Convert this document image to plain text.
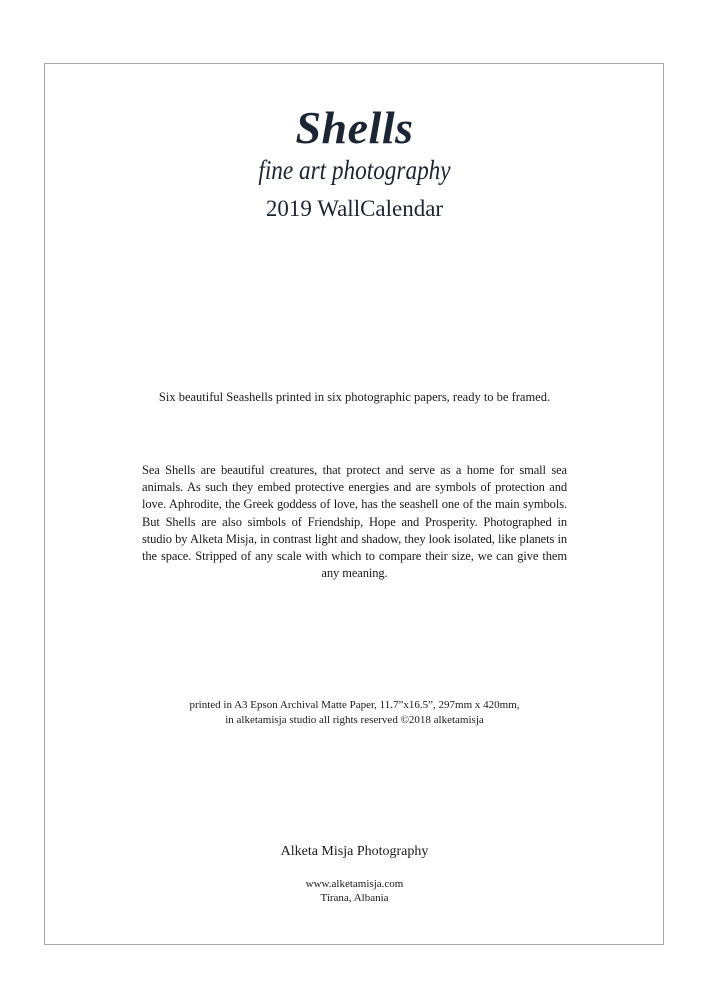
Shells
fine art photography
2019 WallCalendar
Six beautiful Seashells printed in six photographic papers, ready to be framed.
Sea Shells are beautiful creatures, that protect and serve as a home for small sea animals. As such they embed protective energies and are symbols of protection and love. Aphrodite, the Greek goddess of love, has the seashell one of the main symbols. But Shells are also simbols of Friendship, Hope and Prosperity. Photographed in studio by Alketa Misja, in contrast light and shadow, they look isolated, like planets in the space. Stripped of any scale with which to compare their size, we can give them any meaning.
printed in A3 Epson Archival Matte Paper, 11.7”x16.5”, 297mm x 420mm,
in alketamisja studio all rights reserved ©2018 alketamisja
Alketa Misja Photography
www.alketamisja.com
Tirana, Albania
